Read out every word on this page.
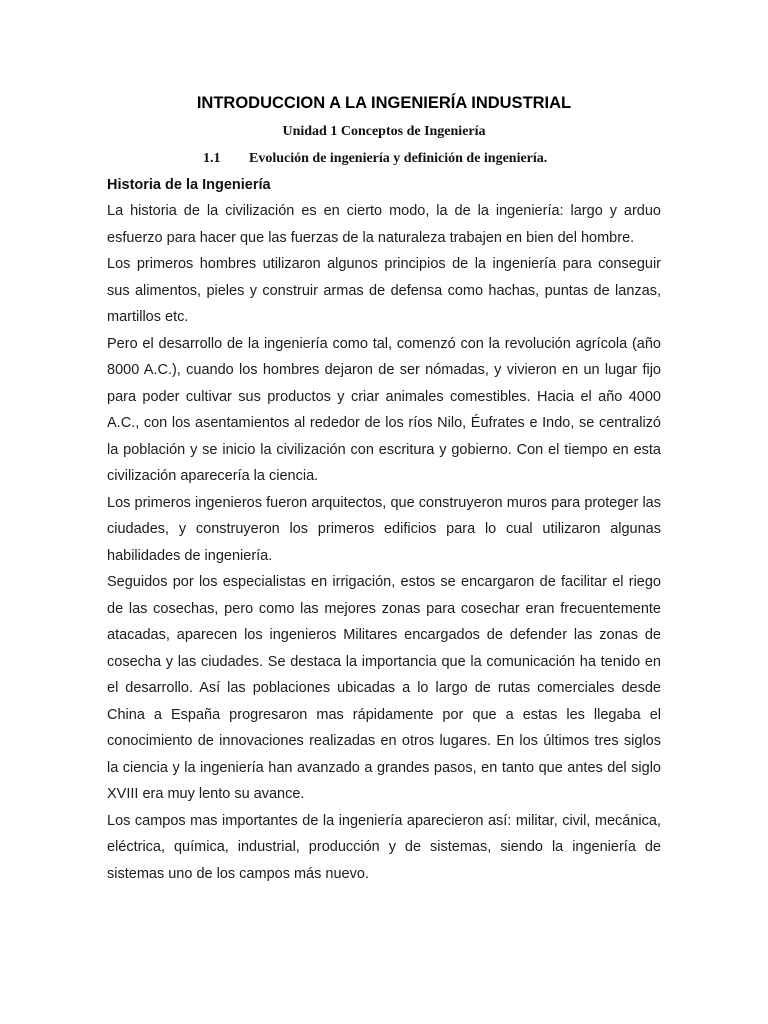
INTRODUCCION A LA INGENIERÍA INDUSTRIAL
Unidad 1 Conceptos de Ingeniería
1.1 Evolución de ingeniería y definición de ingeniería.
Historia de la Ingeniería

La historia de la civilización es en cierto modo, la de la ingeniería: largo y arduo esfuerzo para hacer que las fuerzas de la naturaleza trabajen en bien del hombre.

Los primeros hombres utilizaron algunos principios de la ingeniería para conseguir sus alimentos, pieles y construir armas de defensa como hachas, puntas de lanzas, martillos etc.

Pero el desarrollo de la ingeniería como tal, comenzó con la revolución agrícola (año 8000 A.C.), cuando los hombres dejaron de ser nómadas, y vivieron en un lugar fijo para poder cultivar sus productos y criar animales comestibles. Hacia el año 4000 A.C., con los asentamientos al rededor de los ríos Nilo, Éufrates e Indo, se centralizó la población y se inicio la civilización con escritura y gobierno. Con el tiempo en esta civilización aparecería la ciencia.

Los primeros ingenieros fueron arquitectos, que construyeron muros para proteger las ciudades, y construyeron los primeros edificios para lo cual utilizaron algunas habilidades de ingeniería.

Seguidos por los especialistas en irrigación, estos se encargaron de facilitar el riego de las cosechas, pero como las mejores zonas para cosechar eran frecuentemente atacadas, aparecen los ingenieros Militares encargados de defender las zonas de cosecha y las ciudades. Se destaca la importancia que la comunicación ha tenido en el desarrollo. Así las poblaciones ubicadas a lo largo de rutas comerciales desde China a España progresaron mas rápidamente por que a estas les llegaba el conocimiento de innovaciones realizadas en otros lugares. En los últimos tres siglos la ciencia y la ingeniería han avanzado a grandes pasos, en tanto que antes del siglo XVIII era muy lento su avance.

Los campos mas importantes de la ingeniería aparecieron así: militar, civil, mecánica, eléctrica, química, industrial, producción y de sistemas, siendo la ingeniería de sistemas uno de los campos más nuevo.
